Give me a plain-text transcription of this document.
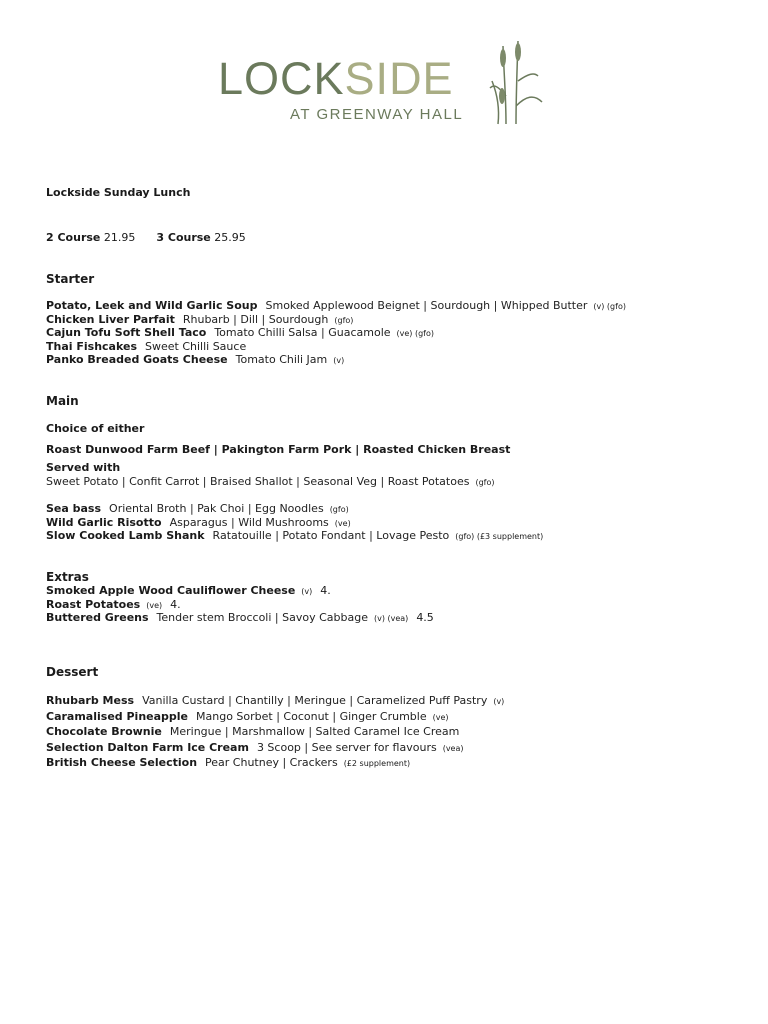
LOCKSIDE
AT GREENWAY HALL
Lockside Sunday Lunch
2 Course 21.95 3 Course 25.95
Starter
Potato, Leek and Wild Garlic Soup Smoked Applewood Beignet | Sourdough | Whipped Butter (v) (gfo)
Chicken Liver Parfait Rhubarb | Dill | Sourdough (gfo)
Cajun Tofu Soft Shell Taco Tomato Chilli Salsa | Guacamole (ve) (gfo)
Thai Fishcakes Sweet Chilli Sauce
Panko Breaded Goats Cheese Tomato Chili Jam (v)
Main
Choice of either
Roast Dunwood Farm Beef | Pakington Farm Pork | Roasted Chicken Breast
Served with
Sweet Potato | Confit Carrot | Braised Shallot | Seasonal Veg | Roast Potatoes (gfo)
Sea bass Oriental Broth | Pak Choi | Egg Noodles (gfo)
Wild Garlic Risotto Asparagus | Wild Mushrooms (ve)
Slow Cooked Lamb Shank Ratatouille | Potato Fondant | Lovage Pesto (gfo) (£3 supplement)
Extras
Smoked Apple Wood Cauliflower Cheese (v) 4.
Roast Potatoes (ve) 4.
Buttered Greens Tender stem Broccoli | Savoy Cabbage (v) (vea) 4.5
Dessert
Rhubarb Mess Vanilla Custard | Chantilly | Meringue | Caramelized Puff Pastry (v)
Caramalised Pineapple Mango Sorbet | Coconut | Ginger Crumble (ve)
Chocolate Brownie Meringue | Marshmallow | Salted Caramel Ice Cream
Selection Dalton Farm Ice Cream 3 Scoop | See server for flavours (vea)
British Cheese Selection Pear Chutney | Crackers (£2 supplement)
